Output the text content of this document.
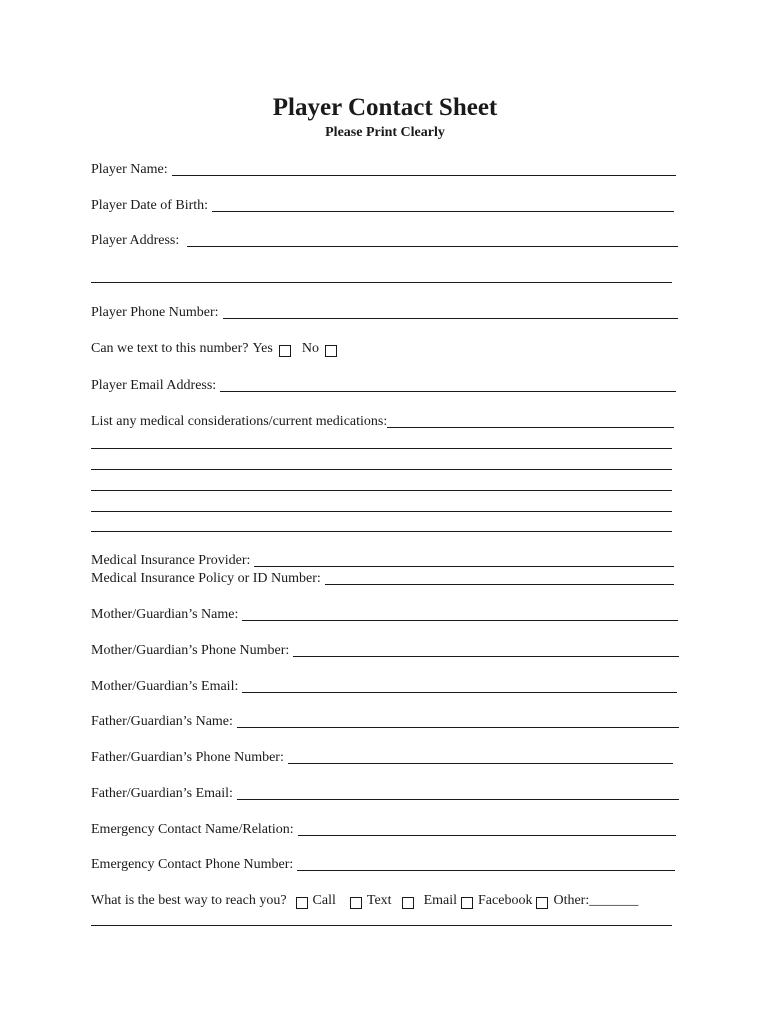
Player Contact Sheet
Please Print Clearly
Player Name:
Player Date of Birth:
Player Address:
Player Phone Number:
Can we text to this number? Yes No
Player Email Address:
List any medical considerations/current medications:
Medical Insurance Provider:
Medical Insurance Policy or ID Number:
Mother/Guardian’s Name:
Mother/Guardian’s Phone Number:
Mother/Guardian’s Email:
Father/Guardian’s Name:
Father/Guardian’s Phone Number:
Father/Guardian’s Email:
Emergency Contact Name/Relation:
Emergency Contact Phone Number:
What is the best way to reach you? Call Text Email Facebook Other: _______
